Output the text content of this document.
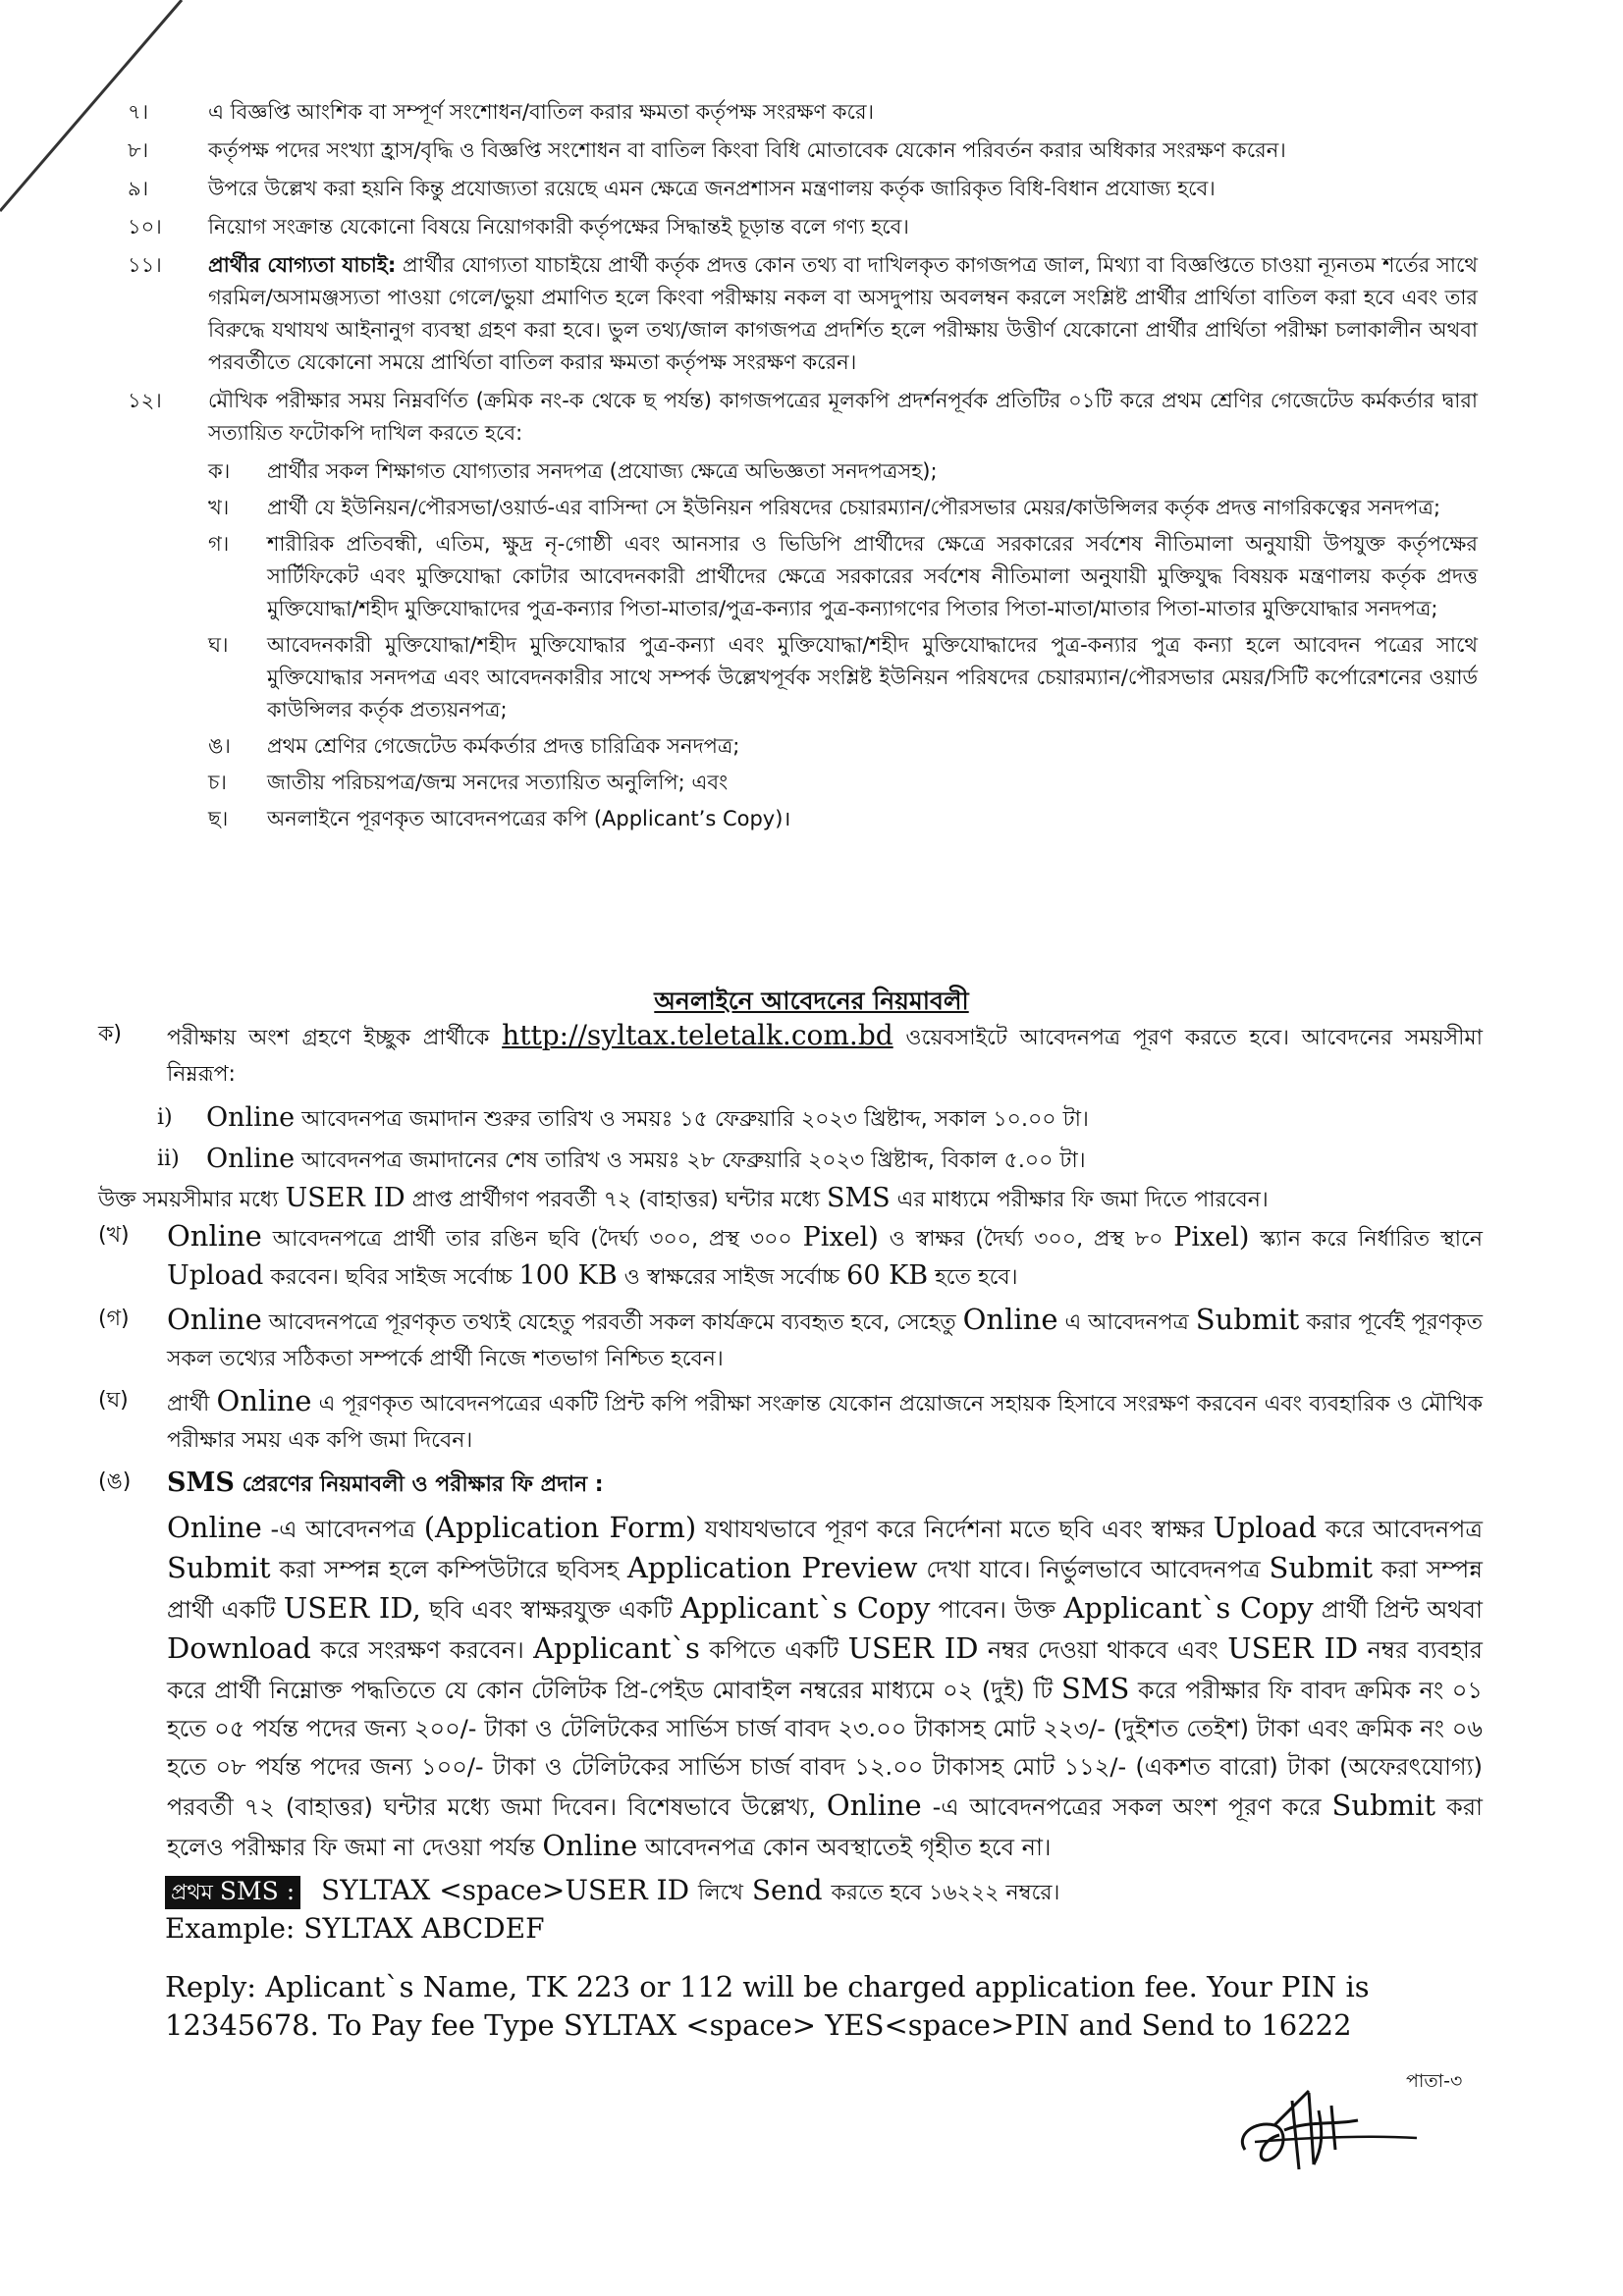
৭।	এ বিজ্ঞপ্তি আংশিক বা সম্পূর্ণ সংশোধন/বাতিল করার ক্ষমতা কর্তৃপক্ষ সংরক্ষণ করে।
৮।	কর্তৃপক্ষ পদের সংখ্যা হ্রাস/বৃদ্ধি ও বিজ্ঞপ্তি সংশোধন বা বাতিল কিংবা বিধি মোতাবেক যেকোন পরিবর্তন করার অধিকার সংরক্ষণ করেন।
৯।	উপরে উল্লেখ করা হয়নি কিন্তু প্রযোজ্যতা রয়েছে এমন ক্ষেত্রে জনপ্রশাসন মন্ত্রণালয় কর্তৃক জারিকৃত বিধি-বিধান প্রযোজ্য হবে।
১০।	নিয়োগ সংক্রান্ত যেকোনো বিষয়ে নিয়োগকারী কর্তৃপক্ষের সিদ্ধান্তই চূড়ান্ত বলে গণ্য হবে।
১১।	প্রার্থীর যোগ্যতা যাচাই: প্রার্থীর যোগ্যতা যাচাইয়ে প্রার্থী কর্তৃক প্রদত্ত কোন তথ্য বা দাখিলকৃত কাগজপত্র জাল, মিথ্যা বা বিজ্ঞপ্তিতে চাওয়া ন্যূনতম শর্তের সাথে গরমিল/অসামঞ্জস্যতা পাওয়া গেলে/ভুয়া প্রমাণিত হলে কিংবা পরীক্ষায় নকল বা অসদুপায় অবলম্বন করলে সংশ্লিষ্ট প্রার্থীর প্রার্থিতা বাতিল করা হবে এবং তার বিরুদ্ধে যথাযথ আইনানুগ ব্যবস্থা গ্রহণ করা হবে। ভুল তথ্য/জাল কাগজপত্র প্রদর্শিত হলে পরীক্ষায় উত্তীর্ণ যেকোনো প্রার্থীর প্রার্থিতা পরীক্ষা চলাকালীন অথবা পরবর্তীতে যেকোনো সময়ে প্রার্থিতা বাতিল করার ক্ষমতা কর্তৃপক্ষ সংরক্ষণ করেন।
১২।	মৌখিক পরীক্ষার সময় নিম্নবর্ণিত (ক্রমিক নং-ক থেকে ছ পর্যন্ত) কাগজপত্রের মূলকপি প্রদর্শনপূর্বক প্রতিটির ০১টি করে প্রথম শ্রেণির গেজেটেড কর্মকর্তার দ্বারা সত্যায়িত ফটোকপি দাখিল করতে হবে:
ক।	প্রার্থীর সকল শিক্ষাগত যোগ্যতার সনদপত্র (প্রযোজ্য ক্ষেত্রে অভিজ্ঞতা সনদপত্রসহ);
খ।	প্রার্থী যে ইউনিয়ন/পৌরসভা/ওয়ার্ড-এর বাসিন্দা সে ইউনিয়ন পরিষদের চেয়ারম্যান/পৌরসভার মেয়র/কাউন্সিলর কর্তৃক প্রদত্ত নাগরিকত্বের সনদপত্র;
গ।	শারীরিক প্রতিবন্ধী, এতিম, ক্ষুদ্র নৃ-গোষ্ঠী এবং আনসার ও ভিডিপি প্রার্থীদের ক্ষেত্রে সরকারের সর্বশেষ নীতিমালা অনুযায়ী উপযুক্ত কর্তৃপক্ষের সার্টিফিকেট এবং মুক্তিযোদ্ধা কোটার আবেদনকারী প্রার্থীদের ক্ষেত্রে সরকারের সর্বশেষ নীতিমালা অনুযায়ী মুক্তিযুদ্ধ বিষয়ক মন্ত্রণালয় কর্তৃক প্রদত্ত মুক্তিযোদ্ধা/শহীদ মুক্তিযোদ্ধাদের পুত্র-কন্যার পিতা-মাতার/পুত্র-কন্যার পুত্র-কন্যাগণের পিতার পিতা-মাতা/মাতার পিতা-মাতার মুক্তিযোদ্ধার সনদপত্র;
ঘ।	আবেদনকারী মুক্তিযোদ্ধা/শহীদ মুক্তিযোদ্ধার পুত্র-কন্যা এবং মুক্তিযোদ্ধা/শহীদ মুক্তিযোদ্ধাদের পুত্র-কন্যার পুত্র কন্যা হলে আবেদন পত্রের সাথে মুক্তিযোদ্ধার সনদপত্র এবং আবেদনকারীর সাথে সম্পর্ক উল্লেখপূর্বক সংশ্লিষ্ট ইউনিয়ন পরিষদের চেয়ারম্যান/পৌরসভার মেয়র/সিটি কর্পোরেশনের ওয়ার্ড কাউন্সিলর কর্তৃক প্রত্যয়নপত্র;
ঙ।	প্রথম শ্রেণির গেজেটেড কর্মকর্তার প্রদত্ত চারিত্রিক সনদপত্র;
চ।	জাতীয় পরিচয়পত্র/জন্ম সনদের সত্যায়িত অনুলিপি; এবং
ছ।	অনলাইনে পূরণকৃত আবেদনপত্রের কপি (Applicant’s Copy)।
অনলাইনে আবেদনের নিয়মাবলী
ক)	পরীক্ষায় অংশ গ্রহণে ইচ্ছুক প্রার্থীকে http://syltax.teletalk.com.bd ওয়েবসাইটে আবেদনপত্র পূরণ করতে হবে। আবেদনের সময়সীমা নিম্নরূপ:
i)	Online আবেদনপত্র জমাদান শুরুর তারিখ ও সময়ঃ ১৫ ফেব্রুয়ারি ২০২৩ খ্রিষ্টাব্দ, সকাল ১০.০০ টা।
ii)	Online আবেদনপত্র জমাদানের শেষ তারিখ ও সময়ঃ ২৮ ফেব্রুয়ারি ২০২৩ খ্রিষ্টাব্দ, বিকাল ৫.০০ টা।
উক্ত সময়সীমার মধ্যে USER ID প্রাপ্ত প্রার্থীগণ পরবর্তী ৭২ (বাহাত্তর) ঘন্টার মধ্যে SMS এর মাধ্যমে পরীক্ষার ফি জমা দিতে পারবেন।
(খ)	Online আবেদনপত্রে প্রার্থী তার রঙিন ছবি (দৈর্ঘ্য ৩০০, প্রস্থ ৩০০ Pixel) ও স্বাক্ষর (দৈর্ঘ্য ৩০০, প্রস্থ ৮০ Pixel) স্ক্যান করে নির্ধারিত স্থানে Upload করবেন। ছবির সাইজ সর্বোচ্চ 100 KB ও স্বাক্ষরের সাইজ সর্বোচ্চ 60 KB হতে হবে।
(গ)	Online আবেদনপত্রে পূরণকৃত তথ্যই যেহেতু পরবর্তী সকল কার্যক্রমে ব্যবহৃত হবে, সেহেতু Online এ আবেদনপত্র Submit করার পূর্বেই পূরণকৃত সকল তথ্যের সঠিকতা সম্পর্কে প্রার্থী নিজে শতভাগ নিশ্চিত হবেন।
(ঘ)	প্রার্থী Online এ পূরণকৃত আবেদনপত্রের একটি প্রিন্ট কপি পরীক্ষা সংক্রান্ত যেকোন প্রয়োজনে সহায়ক হিসাবে সংরক্ষণ করবেন এবং ব্যবহারিক ও মৌখিক পরীক্ষার সময় এক কপি জমা দিবেন।
(ঙ)	SMS প্রেরণের নিয়মাবলী ও পরীক্ষার ফি প্রদান :
Online -এ আবেদনপত্র (Application Form) যথাযথভাবে পূরণ করে নির্দেশনা মতে ছবি এবং স্বাক্ষর Upload করে আবেদনপত্র Submit করা সম্পন্ন হলে কম্পিউটারে ছবিসহ Application Preview দেখা যাবে। নির্ভুলভাবে আবেদনপত্র Submit করা সম্পন্ন প্রার্থী একটি USER ID, ছবি এবং স্বাক্ষরযুক্ত একটি Applicant`s Copy পাবেন। উক্ত Applicant`s Copy প্রার্থী প্রিন্ট অথবা Download করে সংরক্ষণ করবেন। Applicant`s কপিতে একটি USER ID নম্বর দেওয়া থাকবে এবং USER ID নম্বর ব্যবহার করে প্রার্থী নিম্নোক্ত পদ্ধতিতে যে কোন টেলিটক প্রি-পেইড মোবাইল নম্বরের মাধ্যমে ০২ (দুই) টি SMS করে পরীক্ষার ফি বাবদ ক্রমিক নং ০১ হতে ০৫ পর্যন্ত পদের জন্য ২০০/- টাকা ও টেলিটকের সার্ভিস চার্জ বাবদ ২৩.০০ টাকাসহ মোট ২২৩/- (দুইশত তেইশ) টাকা এবং ক্রমিক নং ০৬ হতে ০৮ পর্যন্ত পদের জন্য ১০০/- টাকা ও টেলিটকের সার্ভিস চার্জ বাবদ ১২.০০ টাকাসহ মোট ১১২/- (একশত বারো) টাকা (অফেরৎযোগ্য) পরবর্তী ৭২ (বাহাত্তর) ঘন্টার মধ্যে জমা দিবেন। বিশেষভাবে উল্লেখ্য, Online -এ আবেদনপত্রের সকল অংশ পূরণ করে Submit করা হলেও পরীক্ষার ফি জমা না দেওয়া পর্যন্ত Online আবেদনপত্র কোন অবস্থাতেই গৃহীত হবে না।
প্রথম SMS : SYLTAX <space>USER ID লিখে Send করতে হবে ১৬২২২ নম্বরে।
Example: SYLTAX ABCDEF
Reply: Aplicant`s Name, TK 223 or 112 will be charged application fee. Your PIN is 12345678. To Pay fee Type SYLTAX <space> YES<space>PIN and Send to 16222
পাতা-৩
